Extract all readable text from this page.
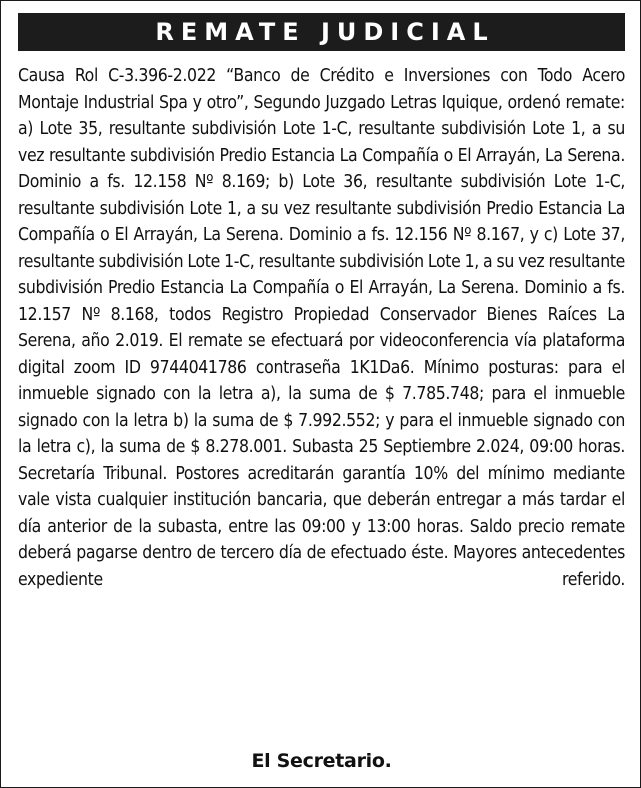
REMATE JUDICIAL

Causa Rol C-3.396-2.022 “Banco de Crédito e Inversiones con Todo Acero Montaje Industrial Spa y otro”, Segundo Juzgado Letras Iquique, ordenó remate: a) Lote 35, resultante subdivisión Lote 1-C, resultante subdivisión Lote 1, a su vez resultante subdivisión Predio Estancia La Compañía o El Arrayán, La Serena. Dominio a fs. 12.158 Nº 8.169; b) Lote 36, resultante subdivisión Lote 1-C, resultante subdivisión Lote 1, a su vez resultante subdivisión Predio Estancia La Compañía o El Arrayán, La Serena. Dominio a fs. 12.156 Nº 8.167, y c) Lote 37, resultante subdivisión Lote 1-C, resultante subdivisión Lote 1, a su vez resultante subdivisión Predio Estancia La Compañía o El Arrayán, La Serena. Dominio a fs. 12.157 Nº 8.168, todos Registro Propiedad Conservador Bienes Raíces La Serena, año 2.019. El remate se efectuará por videoconferencia vía plataforma digital zoom ID 9744041786 contraseña 1K1Da6. Mínimo posturas: para el inmueble signado con la letra a), la suma de $ 7.785.748; para el inmueble signado con la letra b) la suma de $ 7.992.552; y para el inmueble signado con la letra c), la suma de $ 8.278.001. Subasta 25 Septiembre 2.024, 09:00 horas. Secretaría Tribunal. Postores acreditarán garantía 10% del mínimo mediante vale vista cualquier institución bancaria, que deberán entregar a más tardar el día anterior de la subasta, entre las 09:00 y 13:00 horas. Saldo precio remate deberá pagarse dentro de tercero día de efectuado éste. Mayores antecedentes expediente referido.

El Secretario.
